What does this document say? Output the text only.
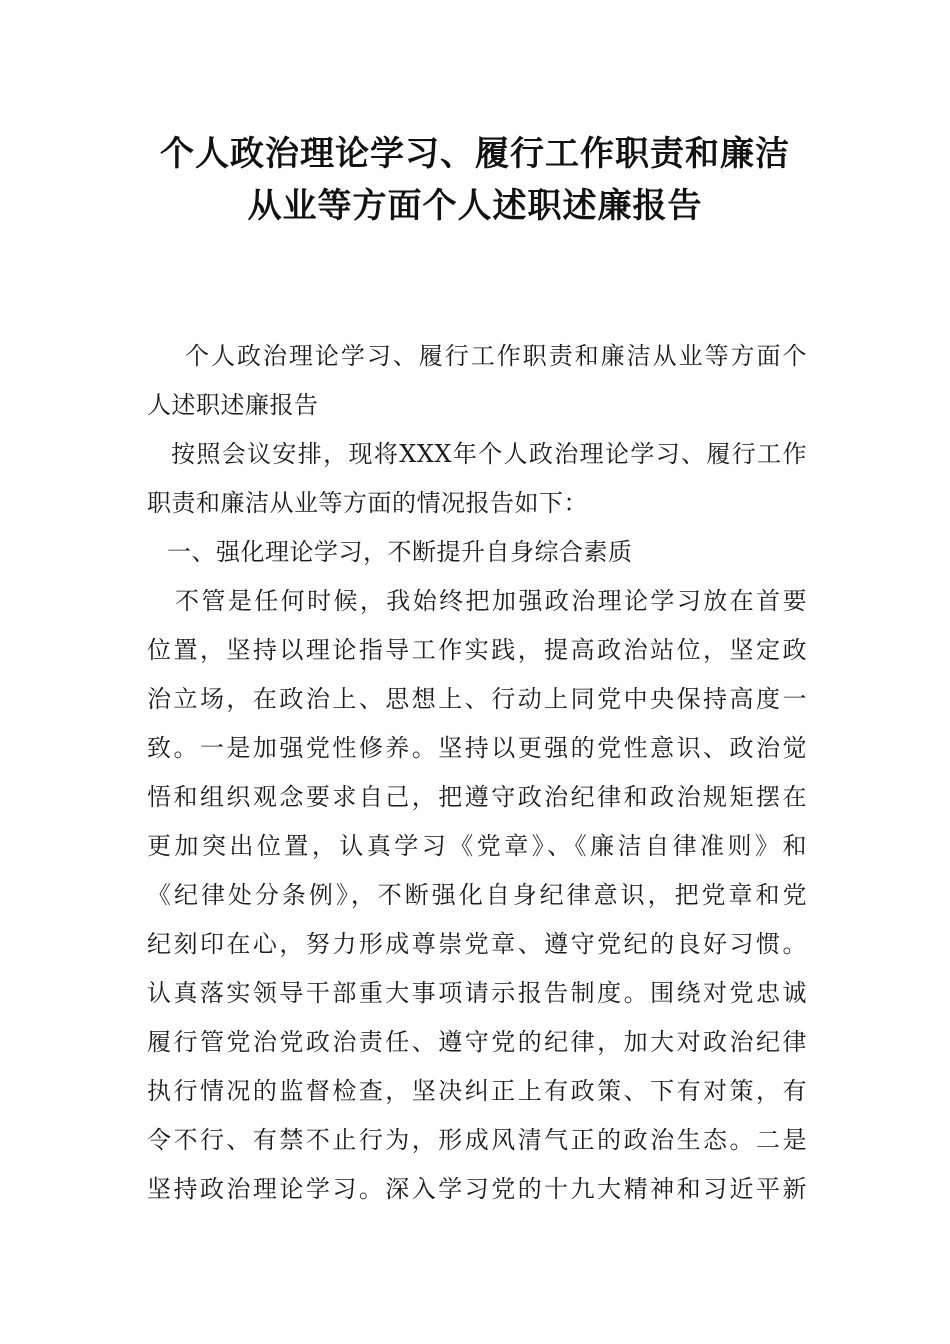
个人政治理论学习、履行工作职责和廉洁
从业等方面个人述职述廉报告
个人政治理论学习、履行工作职责和廉洁从业等方面个
人述职述廉报告
按照会议安排，现将XXX年个人政治理论学习、履行工作
职责和廉洁从业等方面的情况报告如下：
一、强化理论学习，不断提升自身综合素质
不管是任何时候，我始终把加强政治理论学习放在首要
位置，坚持以理论指导工作实践，提高政治站位，坚定政
治立场，在政治上、思想上、行动上同党中央保持高度一
致。一是加强党性修养。坚持以更强的党性意识、政治觉
悟和组织观念要求自己，把遵守政治纪律和政治规矩摆在
更加突出位置，认真学习《党章》、《廉洁自律准则》和
《纪律处分条例》，不断强化自身纪律意识，把党章和党
纪刻印在心，努力形成尊崇党章、遵守党纪的良好习惯。
认真落实领导干部重大事项请示报告制度。围绕对党忠诚
履行管党治党政治责任、遵守党的纪律，加大对政治纪律
执行情况的监督检查，坚决纠正上有政策、下有对策，有
令不行、有禁不止行为，形成风清气正的政治生态。二是
坚持政治理论学习。深入学习党的十九大精神和习近平新
